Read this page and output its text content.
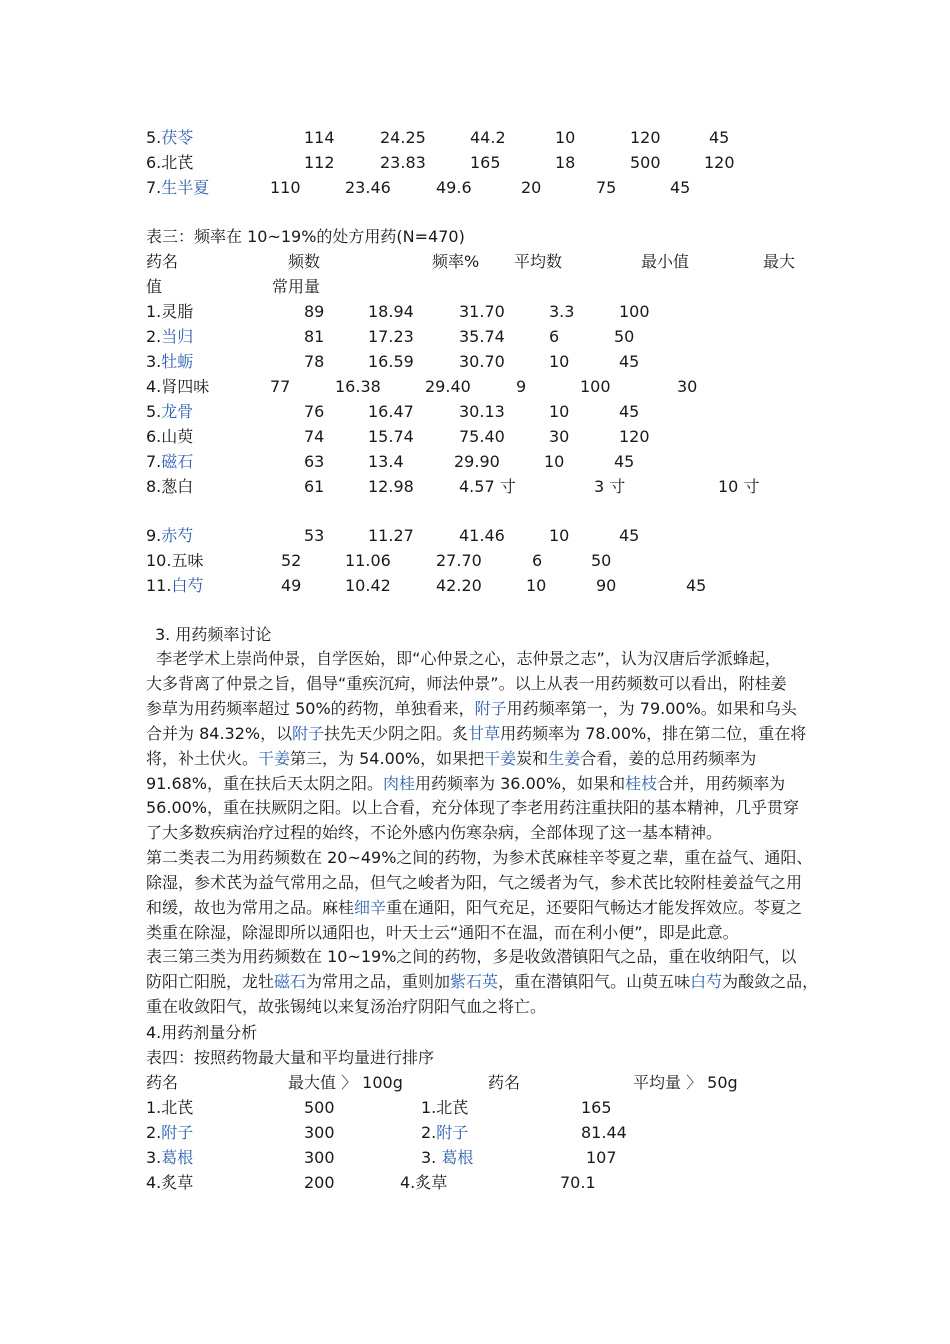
5.茯苓	114	24.25	44.2	10	120	45
6.北芪	112	23.83	165	18	500	120
7.生半夏	110	23.46	49.6	20	75	45
表三：频率在 10~19%的处方用药(N=470)
药名	频数	频率% 平均数	最小值	最大
值	常用量
1.灵脂	89	18.94	31.70	3.3	100
2.当归	81	17.23	35.74	6	50
3.牡蛎	78	16.59	30.70	10	45
4.肾四味	77	16.38	29.40	9	100	30
5.龙骨	76	16.47	30.13	10	45
6.山萸	74	15.74	75.40	30	120
7.磁石	63	13.4	29.90	10	45
8.葱白	61	12.98	4.57 寸	3 寸	10 寸
9.赤芍	53	11.27	41.46	10	45
10.五味	52	11.06	27.70	6	50
11.白芍	49	10.42	42.20	10	90	45
3. 用药频率讨论
李老学术上崇尚仲景，自学医始，即“心仲景之心，志仲景之志”，认为汉唐后学派蜂起，
大多背离了仲景之旨，倡导“重疾沉疴，师法仲景”。以上从表一用药频数可以看出，附桂姜
参草为用药频率超过 50%的药物，单独看来，附子用药频率第一，为 79.00%。如果和乌头
合并为 84.32%，以附子扶先天少阴之阳。炙甘草用药频率为 78.00%，排在第二位，重在将
将，补土伏火。干姜第三，为 54.00%，如果把干姜炭和生姜合看，姜的总用药频率为
91.68%，重在扶后天太阴之阳。肉桂用药频率为 36.00%，如果和桂枝合并，用药频率为
56.00%，重在扶厥阴之阳。以上合看，充分体现了李老用药注重扶阳的基本精神，几乎贯穿
了大多数疾病治疗过程的始终，不论外感内伤寒杂病，全部体现了这一基本精神。
第二类表二为用药频数在 20~49%之间的药物，为参术芪麻桂辛苓夏之辈，重在益气、通阳、
除湿，参术芪为益气常用之品，但气之峻者为阳，气之缓者为气，参术芪比较附桂姜益气之用
和缓，故也为常用之品。麻桂细辛重在通阳，阳气充足，还要阳气畅达才能发挥效应。苓夏之
类重在除湿，除湿即所以通阳也，叶天士云“通阳不在温，而在利小便”，即是此意。
表三第三类为用药频数在 10~19%之间的药物，多是收敛潜镇阳气之品，重在收纳阳气，以
防阳亡阳脱，龙牡磁石为常用之品，重则加紫石英，重在潜镇阳气。山萸五味白芍为酸敛之品，
重在收敛阳气，故张锡纯以来复汤治疗阴阳气血之将亡。
4.用药剂量分析
表四：按照药物最大量和平均量进行排序
药名	最大值 〉 100g	药名	平均量 〉 50g
1.北芪	500	1.北芪	165
2.附子	300	2.附子	81.44
3.葛根	300	3. 葛根	107
4.炙草	200	4.炙草	70.1
